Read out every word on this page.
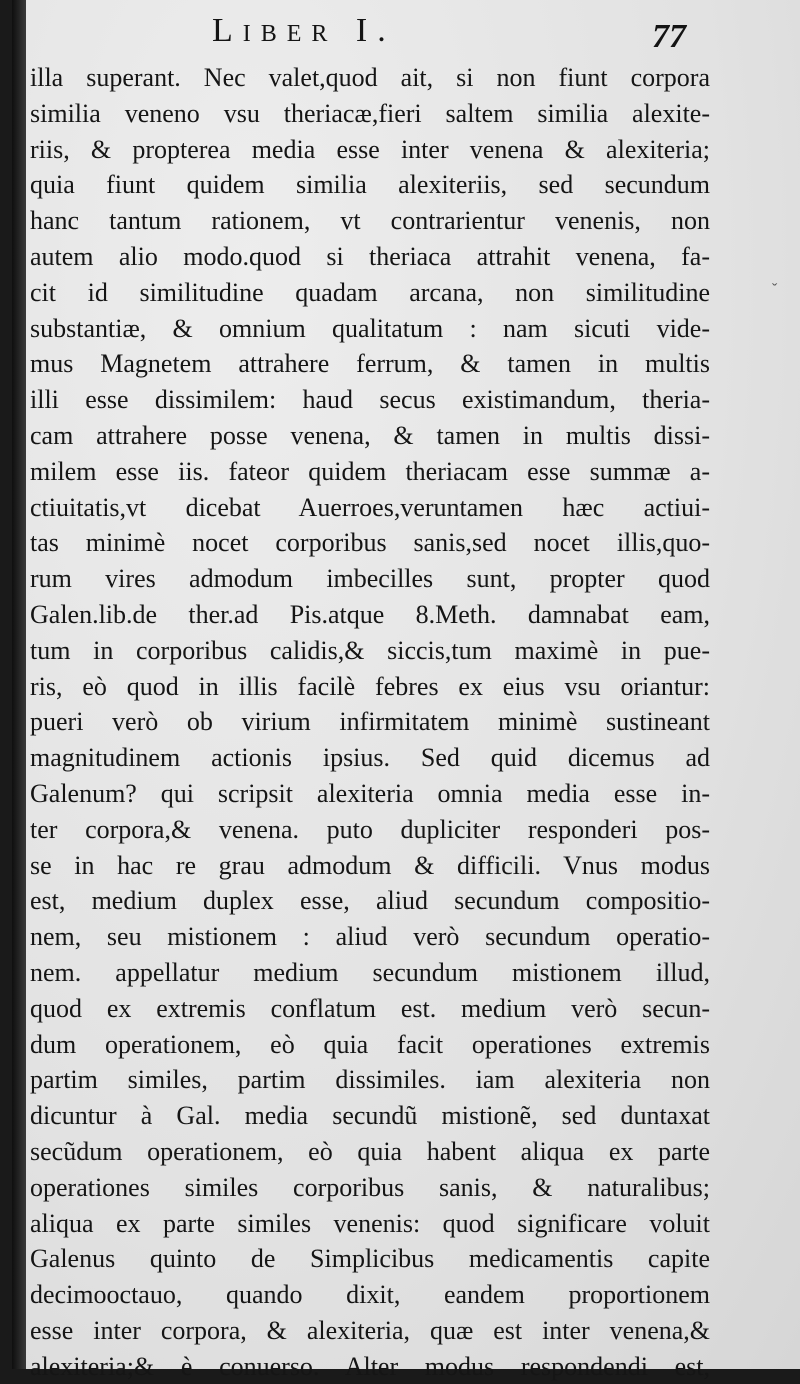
Liber I.	77
illa superant. Nec valet,quod ait, si non fiunt corpora
similia veneno vsu theriacæ,fieri saltem similia alexite-
riis, & propterea media esse inter venena & alexiteria;
quia fiunt quidem similia alexiteriis, sed secundum
hanc tantum rationem, vt contrarientur venenis, non
autem alio modo.quod si theriaca attrahit venena, fa-
cit id similitudine quadam arcana, non similitudine
substantiæ, & omnium qualitatum : nam sicuti vide-
mus Magnetem attrahere ferrum, & tamen in multis
illi esse dissimilem: haud secus existimandum, theria-
cam attrahere posse venena, & tamen in multis dissi-
milem esse iis. fateor quidem theriacam esse summæ a-
ctiuitatis,vt dicebat Auerroes,veruntamen hæc actiui-
tas minimè nocet corporibus sanis,sed nocet illis,quo-
rum vires admodum imbecilles sunt, propter quod
Galen.lib.de ther.ad Pis.atque 8.Meth. damnabat eam,
tum in corporibus calidis,& siccis,tum maximè in pue-
ris, eò quod in illis facilè febres ex eius vsu oriantur:
pueri verò ob virium infirmitatem minimè sustineant
magnitudinem actionis ipsius. Sed quid dicemus ad
Galenum? qui scripsit alexiteria omnia media esse in-
ter corpora,& venena. puto dupliciter responderi pos-
se in hac re grau admodum & difficili. Vnus modus
est, medium duplex esse, aliud secundum compositio-
nem, seu mistionem : aliud verò secundum operatio-
nem. appellatur medium secundum mistionem illud,
quod ex extremis conflatum est. medium verò secun-
dum operationem, eò quia facit operationes extremis
partim similes, partim dissimiles. iam alexiteria non
dicuntur à Gal. media secundũ mistionẽ, sed duntaxat
secũdum operationem, eò quia habent aliqua ex parte
operationes similes corporibus sanis, & naturalibus;
aliqua ex parte similes venenis: quod significare voluit
Galenus quinto de Simplicibus medicamentis capite
decimooctauo, quando dixit, eandem proportionem
esse inter corpora, & alexiteria, quæ est inter venena,&
alexiteria;& è conuerso. Alter modus respondendi est,
ˇ
